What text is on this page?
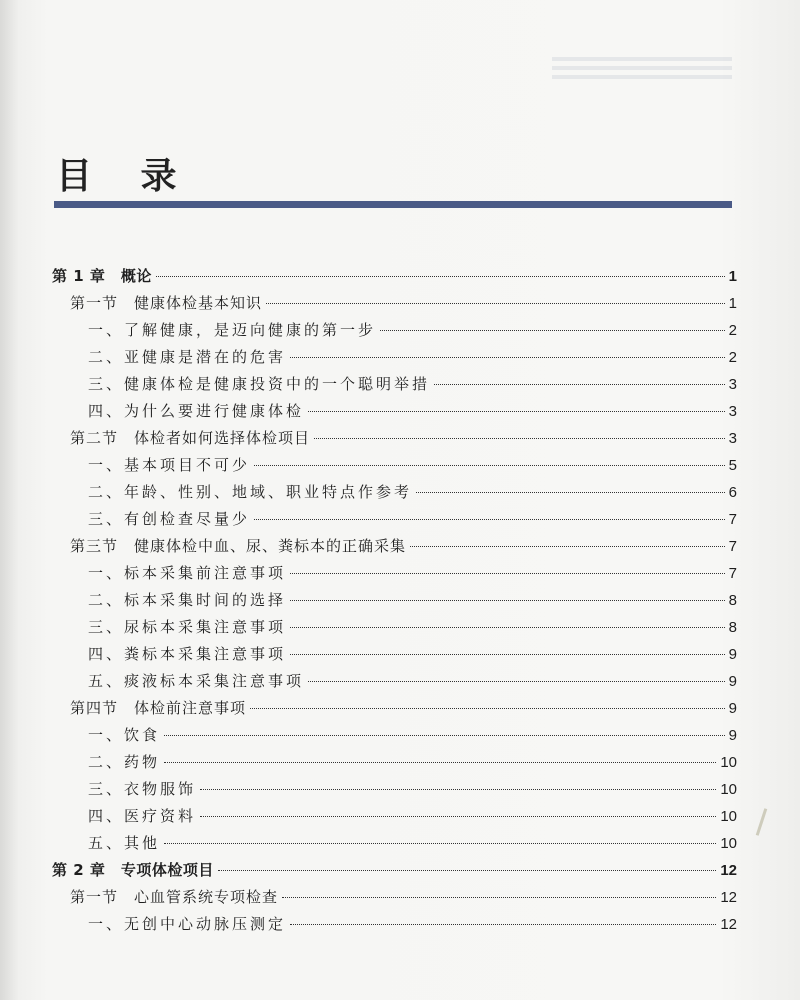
目 录
第 1 章　概论	1
第一节　健康体检基本知识	1
一、了解健康，是迈向健康的第一步	2
二、亚健康是潜在的危害	2
三、健康体检是健康投资中的一个聪明举措	3
四、为什么要进行健康体检	3
第二节　体检者如何选择体检项目	3
一、基本项目不可少	5
二、年龄、性别、地域、职业特点作参考	6
三、有创检查尽量少	7
第三节　健康体检中血、尿、粪标本的正确采集	7
一、标本采集前注意事项	7
二、标本采集时间的选择	8
三、尿标本采集注意事项	8
四、粪标本采集注意事项	9
五、痰液标本采集注意事项	9
第四节　体检前注意事项	9
一、饮食	9
二、药物	10
三、衣物服饰	10
四、医疗资料	10
五、其他	10
第 2 章　专项体检项目	12
第一节　心血管系统专项检查	12
一、无创中心动脉压测定	12
